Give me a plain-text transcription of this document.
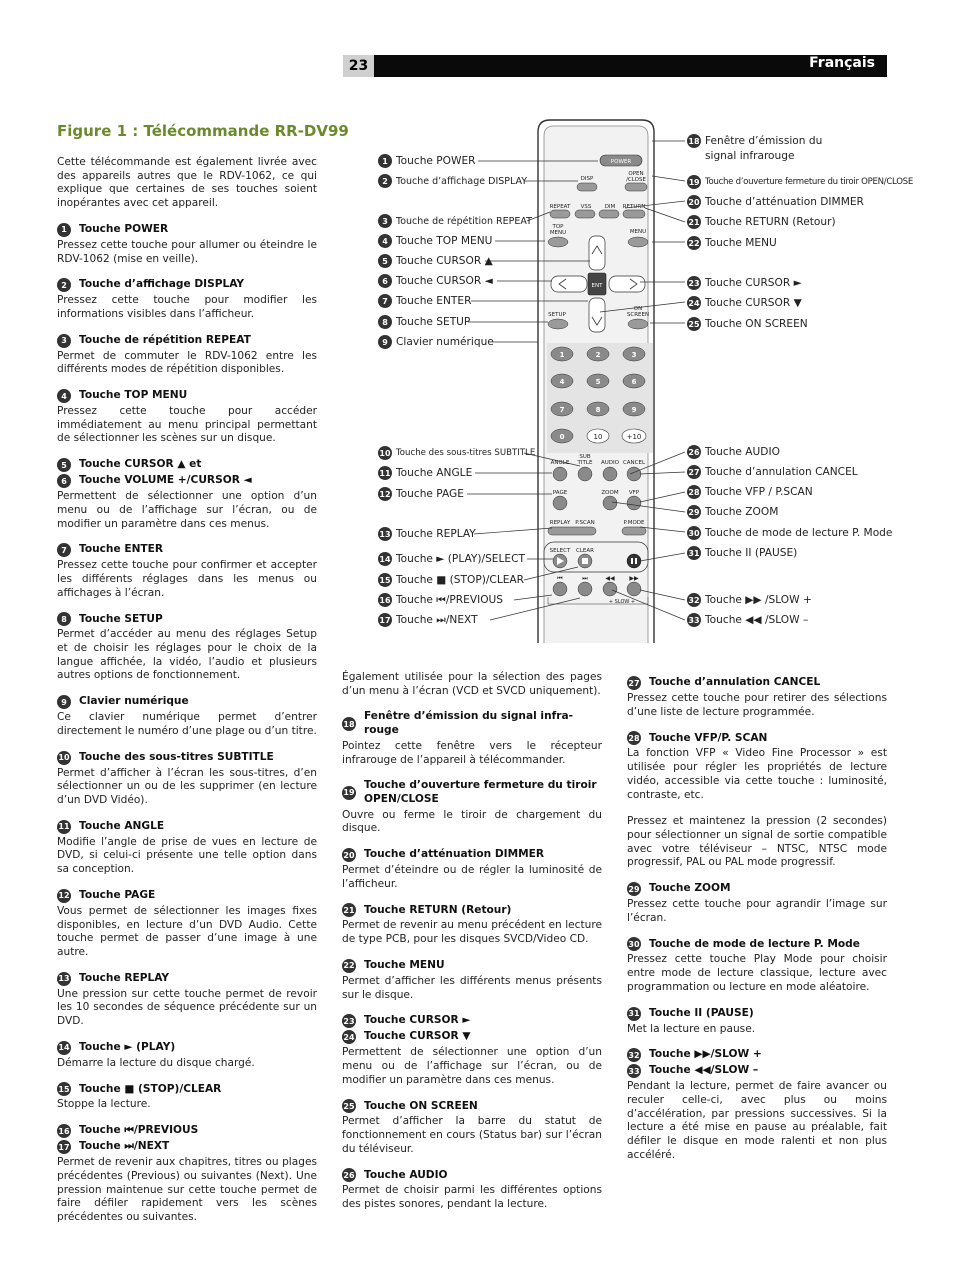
23	Français
Figure 1 : Télécommande RR-DV99
POWER
DISP
OPEN
/CLOSE
REPEAT VSS DIM RETURN
TOP
MENU	MENU
ENT
SETUP
ON
SCREEN
1	2	3
4	5	6
7	8	9
0	10	+10
ANGLE
SUB
TITLE AUDIO CANCEL
PAGE	ZOOM VFP
REPLAY P.SCAN	P.MODE
SELECT CLEAR
⏮	⏭	◀◀ ▶▶
+ SLOW +
1 Touche POWER
2 Touche d’affichage DISPLAY
3 Touche de répétition REPEAT
4 Touche TOP MENU
5 Touche CURSOR ▲
6 Touche CURSOR ◄
7 Touche ENTER
8 Touche SETUP
9 Clavier numérique
10 Touche des sous-titres SUBTITLE
11 Touche ANGLE
12 Touche PAGE
13 Touche REPLAY
14 Touche ► (PLAY)/SELECT
15 Touche ■ (STOP)/CLEAR
16 Touche ⏮/PREVIOUS
17 Touche ⏭/NEXT
18 Fenêtre d’émission du
signal infrarouge
19 Touche d’ouverture fermeture du tiroir OPEN/CLOSE
20 Touche d’atténuation DIMMER
21 Touche RETURN (Retour)
22 Touche MENU
23 Touche CURSOR ►
24 Touche CURSOR ▼
25 Touche ON SCREEN
26 Touche AUDIO
27 Touche d’annulation CANCEL
28 Touche VFP / P.SCAN
29 Touche ZOOM
30 Touche de mode de lecture P. Mode
31 Touche II (PAUSE)
32 Touche ▶▶ /SLOW +
33 Touche ◀◀ /SLOW –

Cette télécommande est également livrée avec des appareils autres que le RDV-1062, ce qui explique que certaines de ses touches soient inopérantes avec cet appareil.

1	Touche POWER

Pressez cette touche pour allumer ou éteindre le RDV-1062 (mise en veille).

2	Touche d’affichage DISPLAY

Pressez cette touche pour modifier les informations visibles dans l’afficheur.

3	Touche de répétition REPEAT

Permet de commuter le RDV-1062 entre les différents modes de répétition disponibles.

4	Touche TOP MENU

Pressez cette touche pour accéder immédiatement au menu principal permettant de sélectionner les scènes sur un disque.

5	Touche CURSOR ▲ et
6	Touche VOLUME +/CURSOR ◄

Permettent de sélectionner une option d’un menu ou de l’affichage sur l’écran, ou de modifier un paramètre dans ces menus.

7	Touche ENTER

Pressez cette touche pour confirmer et accepter les différents réglages dans les menus ou affichages à l’écran.

8	Touche SETUP

Permet d’accéder au menu des réglages Setup et de choisir les réglages pour le choix de la langue affichée, la vidéo, l’audio et plusieurs autres options de fonctionnement.

9	Clavier numérique

Ce clavier numérique permet d’entrer directement le numéro d’une plage ou d’un titre.

10 Touche des sous-titres SUBTITLE

Permet d’afficher à l’écran les sous-titres, d’en sélectionner un ou de les supprimer (en lecture d’un DVD Vidéo).

11 Touche ANGLE

Modifie l’angle de prise de vues en lecture de DVD, si celui-ci présente une telle option dans sa conception.

12 Touche PAGE

Vous permet de sélectionner les images fixes disponibles, en lecture d’un DVD Audio. Cette touche permet de passer d’une image à une autre.

13 Touche REPLAY

Une pression sur cette touche permet de revoir les 10 secondes de séquence précédente sur un DVD.

14 Touche ► (PLAY)

Démarre la lecture du disque chargé.

15 Touche ■ (STOP)/CLEAR

Stoppe la lecture.

16 Touche ⏮/PREVIOUS
17 Touche ⏭/NEXT

Permet de revenir aux chapitres, titres ou plages précédentes (Previous) ou suivantes (Next). Une pression maintenue sur cette touche permet de faire défiler rapidement vers les scènes précédentes ou suivantes.

Également utilisée pour la sélection des pages d’un menu à l’écran (VCD et SVCD uniquement).

18
Fenêtre d’émission du signal infra-rouge

Pointez cette fenêtre vers le récepteur infrarouge de l’appareil à télécommander.

19
Touche d’ouverture fermeture du tiroir OPEN/CLOSE

Ouvre ou ferme le tiroir de chargement du disque.

20 Touche d’atténuation DIMMER

Permet d’éteindre ou de régler la luminosité de l’afficheur.

21 Touche RETURN (Retour)

Permet de revenir au menu précédent en lecture de type PCB, pour les disques SVCD/Video CD.

22 Touche MENU

Permet d’afficher les différents menus présents sur le disque.

23 Touche CURSOR ►
24 Touche CURSOR ▼

Permettent de sélectionner une option d’un menu ou de l’affichage sur l’écran, ou de modifier un paramètre dans ces menus.

25 Touche ON SCREEN

Permet d’afficher la barre du statut de fonctionnement en cours (Status bar) sur l’écran du téléviseur.

26 Touche AUDIO

Permet de choisir parmi les différentes options des pistes sonores, pendant la lecture.

27 Touche d’annulation CANCEL

Pressez cette touche pour retirer des sélections d’une liste de lecture programmée.

28 Touche VFP/P. SCAN

La fonction VFP « Video Fine Processor » est utilisée pour régler les propriétés de lecture vidéo, accessible via cette touche : luminosité, contraste, etc.

Pressez et maintenez la pression (2 secondes) pour sélectionner un signal de sortie compatible avec votre téléviseur – NTSC, NTSC mode progressif, PAL ou PAL mode progressif.

29 Touche ZOOM

Pressez cette touche pour agrandir l’image sur l’écran.

30 Touche de mode de lecture P. Mode

Pressez cette touche Play Mode pour choisir entre mode de lecture classique, lecture avec programmation ou lecture en mode aléatoire.

31 Touche II (PAUSE)

Met la lecture en pause.

32 Touche ▶▶/SLOW +
33 Touche ◀◀/SLOW –

Pendant la lecture, permet de faire avancer ou reculer celle-ci, avec plus ou moins d’accélération, par pressions successives. Si la lecture a été mise en pause au préalable, fait défiler le disque en mode ralenti et non plus accéléré.
